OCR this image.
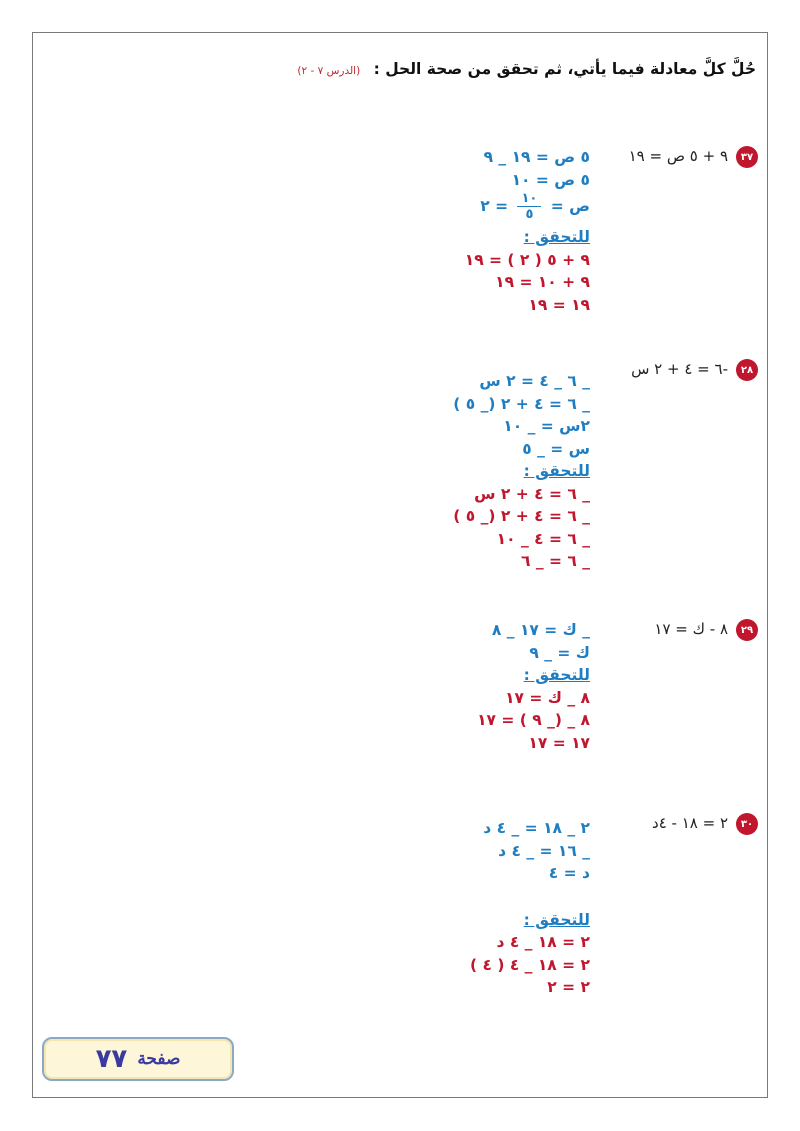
حُلَّ كلَّ معادلة فيما يأتي، ثم تحقق من صحة الحل : (الدرس ٧ - ٢)
٣٧
٩ + ٥ ص = ١٩
٥ ص = ١٩ _ ٩
٥ ص = ١٠
ص =
$\frac{١٠}{٥}$
= ٢
للتحقق :
٩ + ٥ ( ٢ ) = ١٩
٩ + ١٠ = ١٩
١٩ = ١٩
٢٨
-٦ = ٤ + ٢ س
_ ٦ _ ٤ = ٢ س
_ ٦ = ٤ + ٢ (_ ٥ )
٢س = _ ١٠
س = _ ٥
للتحقق :
_ ٦ = ٤ + ٢ س
_ ٦ = ٤ + ٢ (_ ٥ )
_ ٦ = ٤ _ ١٠
_ ٦ = _ ٦
٢٩
٨ - ك = ١٧
_ ك = ١٧ _ ٨
ك = _ ٩
للتحقق :
٨ _ ك = ١٧
٨ _ (_ ٩ ) = ١٧
١٧ = ١٧
٣٠
٢ = ١٨ - ٤د
٢ _ ١٨ = _ ٤ د
_ ١٦ = _ ٤ د
د = ٤
للتحقق :
٢ = ١٨ _ ٤ د
٢ = ١٨ _ ٤ ( ٤ )
٢ = ٢
صفحة
٧٧
